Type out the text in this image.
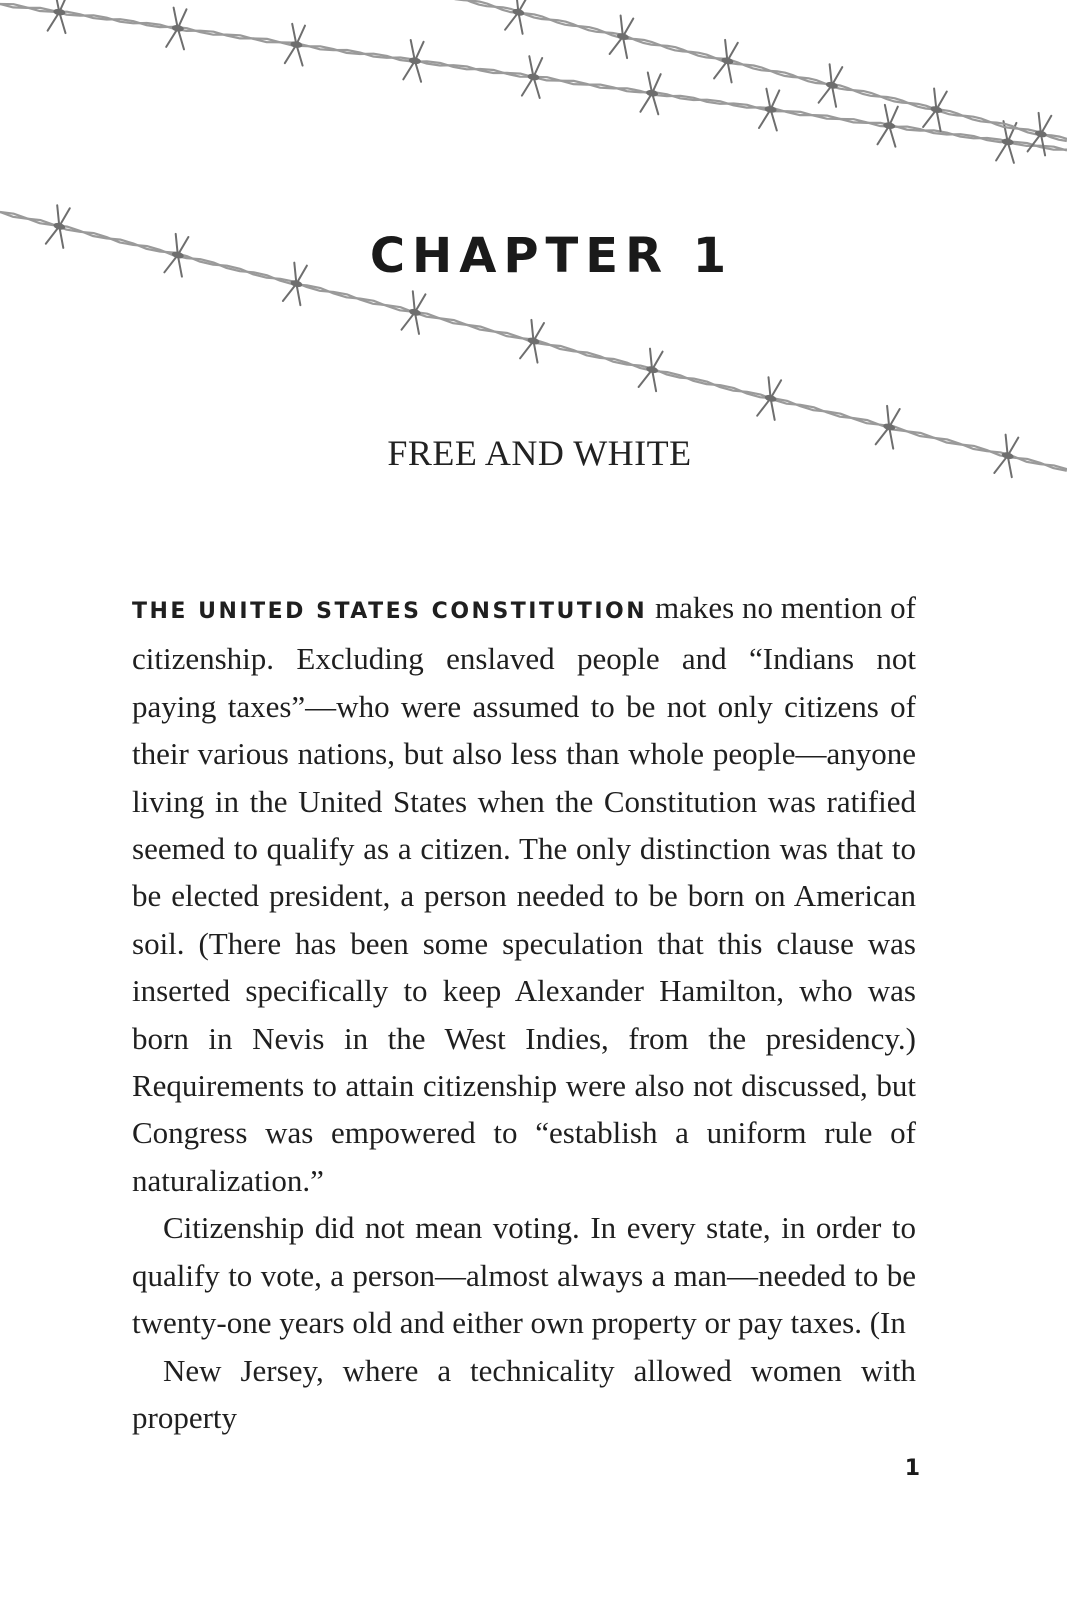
CHAPTER 1
FREE AND WHITE

THE UNITED STATES CONSTITUTION makes no mention of citizenship. Excluding enslaved people and “Indians not paying taxes”—who were assumed to be not only citizens of their various nations, but also less than whole people—anyone living in the United States when the Constitution was ratified seemed to qualify as a citizen. The only distinction was that to be elected president, a person needed to be born on American soil. (There has been some speculation that this clause was inserted specifically to keep Alexander Hamilton, who was born in Nevis in the West Indies, from the presidency.) Requirements to attain citizenship were also not discussed, but Congress was empowered to “establish a uniform rule of naturalization.”

Citizenship did not mean voting. In every state, in order to qualify to vote, a person—almost always a man—needed to be twenty-one years old and either own property or pay taxes. (In
New Jersey, where a technicality allowed women with property

1
